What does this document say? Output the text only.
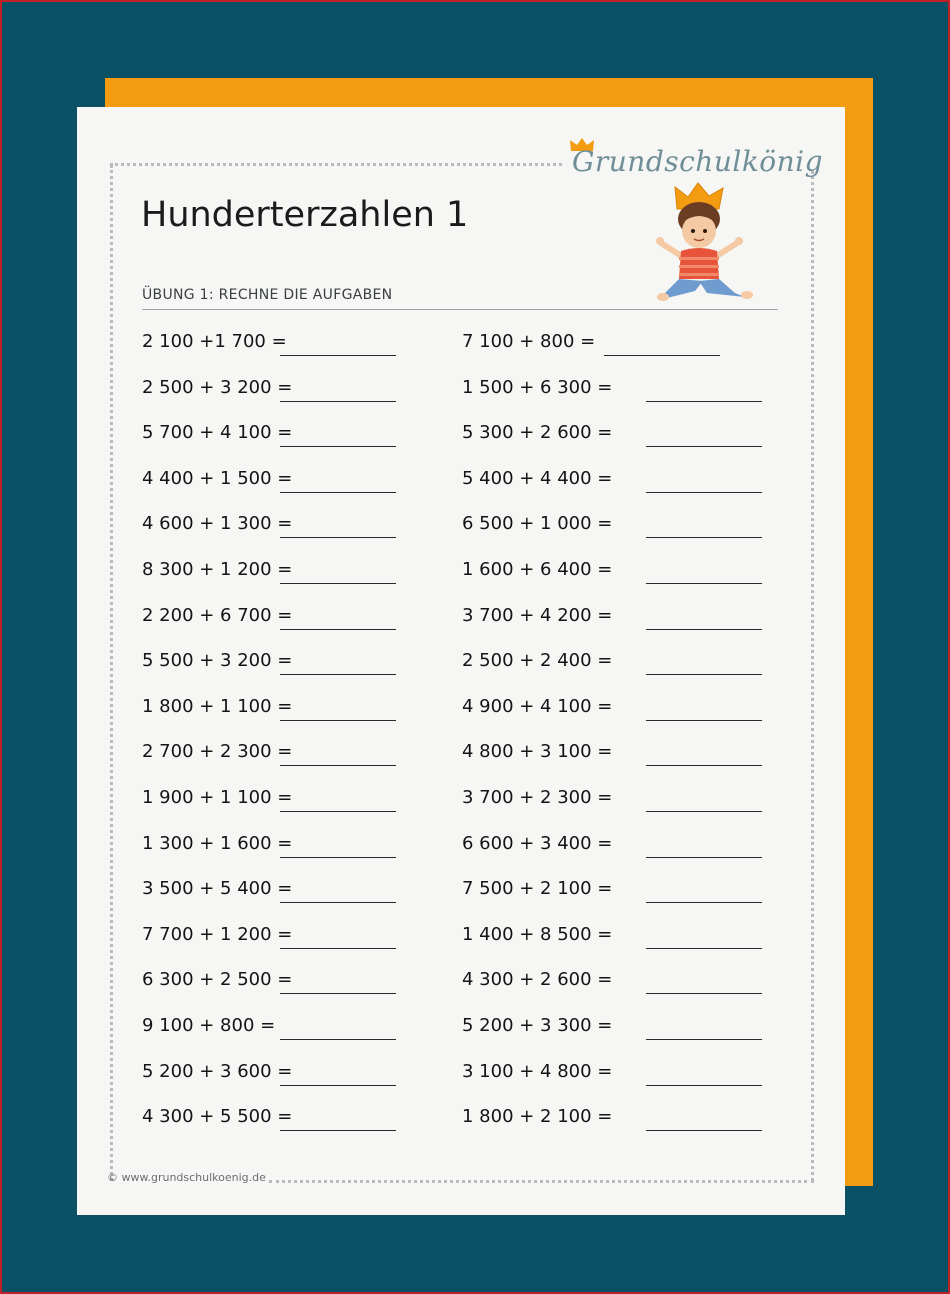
Grundschulkönig
Hunderterzahlen 1
ÜBUNG 1: RECHNE DIE AUFGABEN
2 100 +1 700 =
2 500 + 3 200 =
5 700 + 4 100 =
4 400 + 1 500 =
4 600 + 1 300 =
8 300 + 1 200 =
2 200 + 6 700 =
5 500 + 3 200 =
1 800 + 1 100 =
2 700 + 2 300 =
1 900 + 1 100 =
1 300 + 1 600 =
3 500 + 5 400 =
7 700 + 1 200 =
6 300 + 2 500 =
9 100 + 800 =
5 200 + 3 600 =
4 300 + 5 500 =
7 100 + 800 =
1 500 + 6 300 =
5 300 + 2 600 =
5 400 + 4 400 =
6 500 + 1 000 =
1 600 + 6 400 =
3 700 + 4 200 =
2 500 + 2 400 =
4 900 + 4 100 =
4 800 + 3 100 =
3 700 + 2 300 =
6 600 + 3 400 =
7 500 + 2 100 =
1 400 + 8 500 =
4 300 + 2 600 =
5 200 + 3 300 =
3 100 + 4 800 =
1 800 + 2 100 =
© www.grundschulkoenig.de
